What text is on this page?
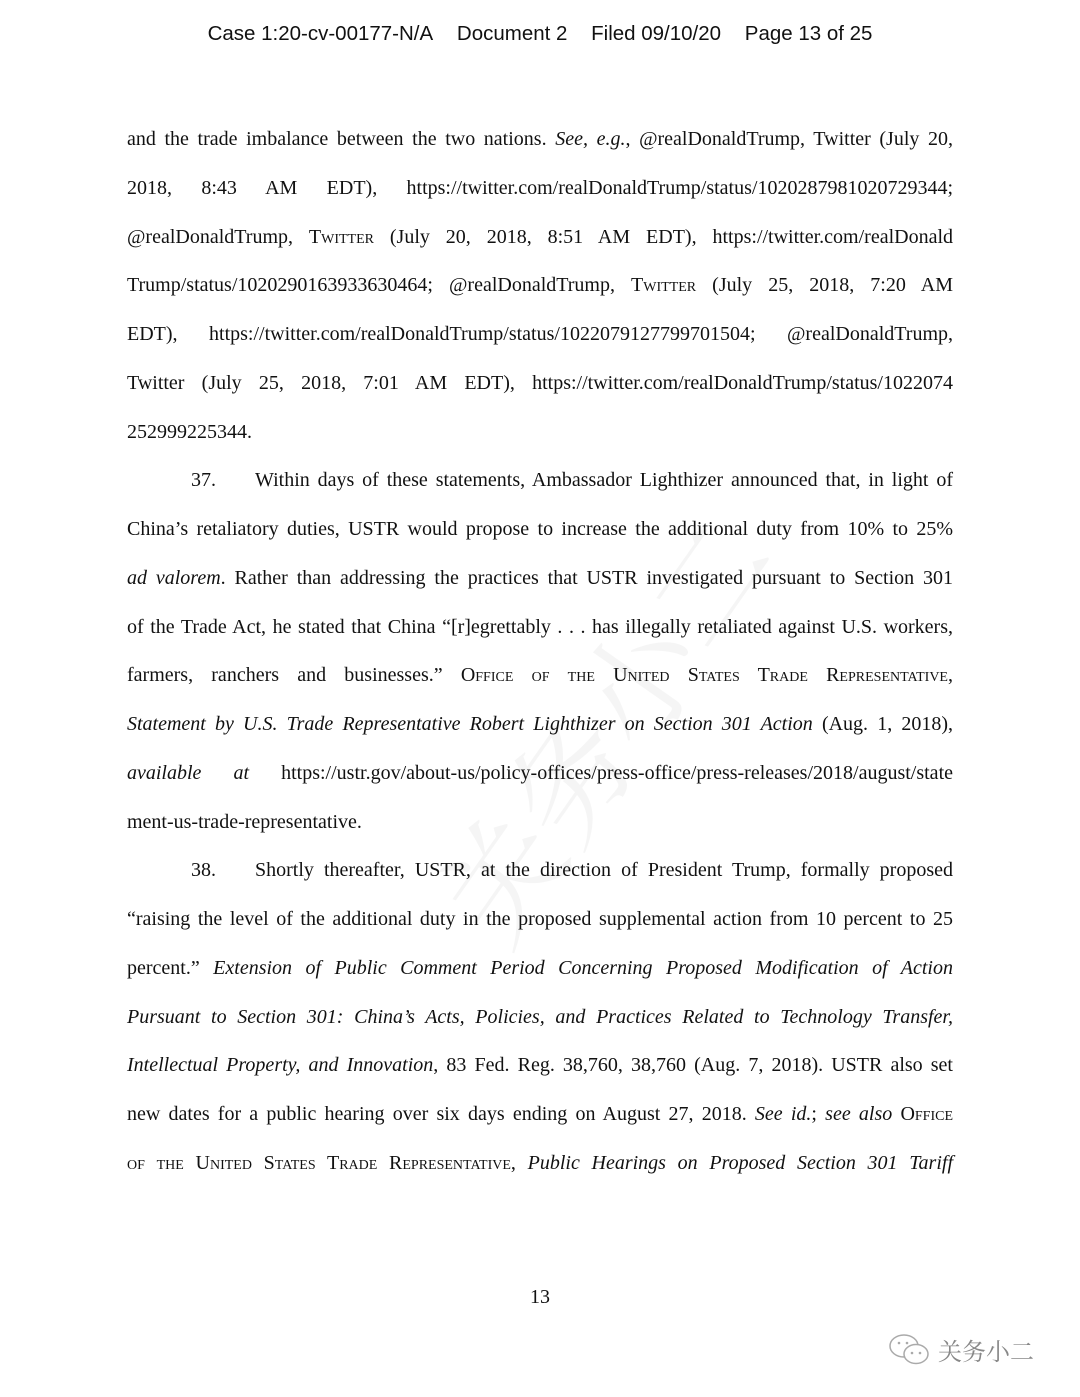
Case 1:20-cv-00177-N/A Document 2 Filed 09/10/20 Page 13 of 25
and the trade imbalance between the two nations. See, e.g., @realDonaldTrump, Twitter (July 20,
2018, 8:43 AM EDT), https://twitter.com/realDonaldTrump/status/1020287981020729344;
@realDonaldTrump, Twitter (July 20, 2018, 8:51 AM EDT), https://twitter.com/realDonald
Trump/status/1020290163933630464; @realDonaldTrump, Twitter (July 25, 2018, 7:20 AM
EDT), https://twitter.com/realDonaldTrump/status/1022079127799701504; @realDonaldTrump,
Twitter (July 25, 2018, 7:01 AM EDT), https://twitter.com/realDonaldTrump/status/1022074
252999225344.
37. Within days of these statements, Ambassador Lighthizer announced that, in light of
China’s retaliatory duties, USTR would propose to increase the additional duty from 10% to 25%
ad valorem. Rather than addressing the practices that USTR investigated pursuant to Section 301
of the Trade Act, he stated that China “[r]egrettably . . . has illegally retaliated against U.S. workers,
farmers, ranchers and businesses.” Office of the United States Trade Representative,
Statement by U.S. Trade Representative Robert Lighthizer on Section 301 Action (Aug. 1, 2018),
available at https://ustr.gov/about-us/policy-offices/press-office/press-releases/2018/august/state
ment-us-trade-representative.
38. Shortly thereafter, USTR, at the direction of President Trump, formally proposed
“raising the level of the additional duty in the proposed supplemental action from 10 percent to 25
percent.” Extension of Public Comment Period Concerning Proposed Modification of Action
Pursuant to Section 301: China’s Acts, Policies, and Practices Related to Technology Transfer,
Intellectual Property, and Innovation, 83 Fed. Reg. 38,760, 38,760 (Aug. 7, 2018). USTR also set
new dates for a public hearing over six days ending on August 27, 2018. See id.; see also Office
of the United States Trade Representative, Public Hearings on Proposed Section 301 Tariff
13
关务小二
